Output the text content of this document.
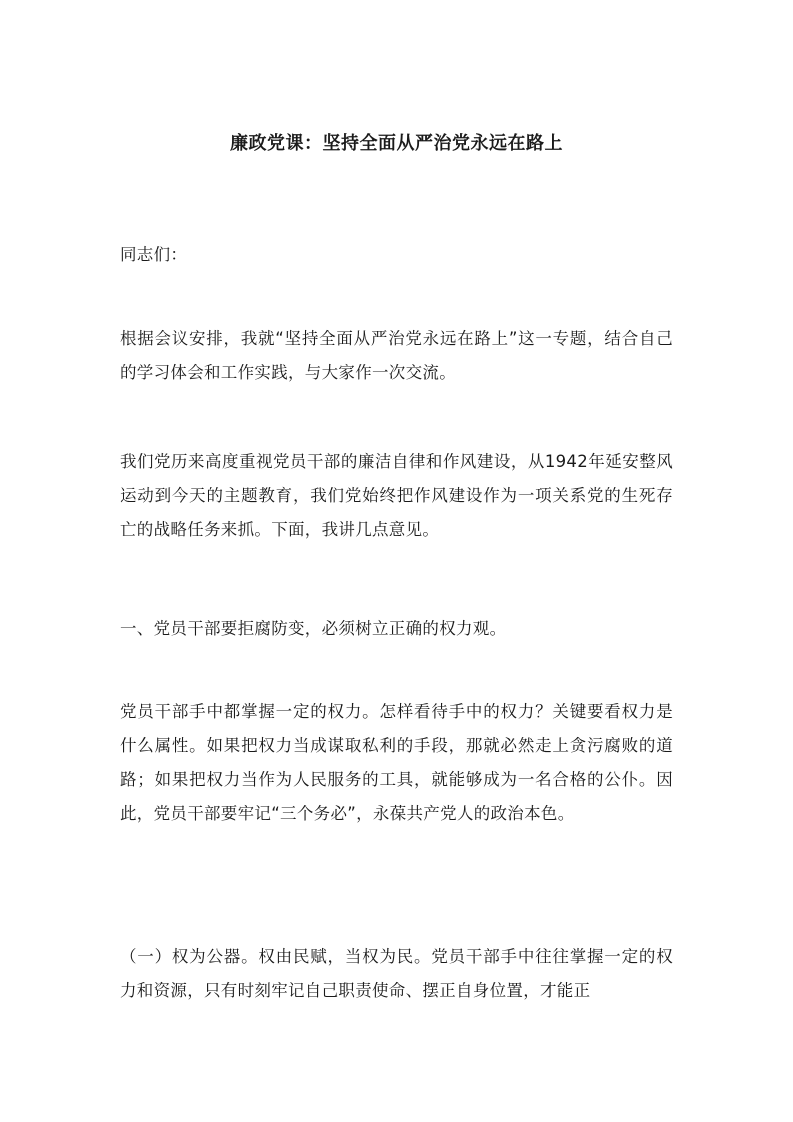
廉政党课：坚持全面从严治党永远在路上

同志们：

根据会议安排，我就“坚持全面从严治党永远在路上”这一专题，结合自己的学习体会和工作实践，与大家作一次交流。

我们党历来高度重视党员干部的廉洁自律和作风建设，从1942年延安整风运动到今天的主题教育，我们党始终把作风建设作为一项关系党的生死存亡的战略任务来抓。下面，我讲几点意见。

一、党员干部要拒腐防变，必须树立正确的权力观。

党员干部手中都掌握一定的权力。怎样看待手中的权力？关键要看权力是什么属性。如果把权力当成谋取私利的手段，那就必然走上贪污腐败的道路；如果把权力当作为人民服务的工具，就能够成为一名合格的公仆。因此，党员干部要牢记“三个务必”，永葆共产党人的政治本色。

（一）权为公器。权由民赋，当权为民。党员干部手中往往掌握一定的权力和资源，只有时刻牢记自己职责使命、摆正自身位置，才能正
